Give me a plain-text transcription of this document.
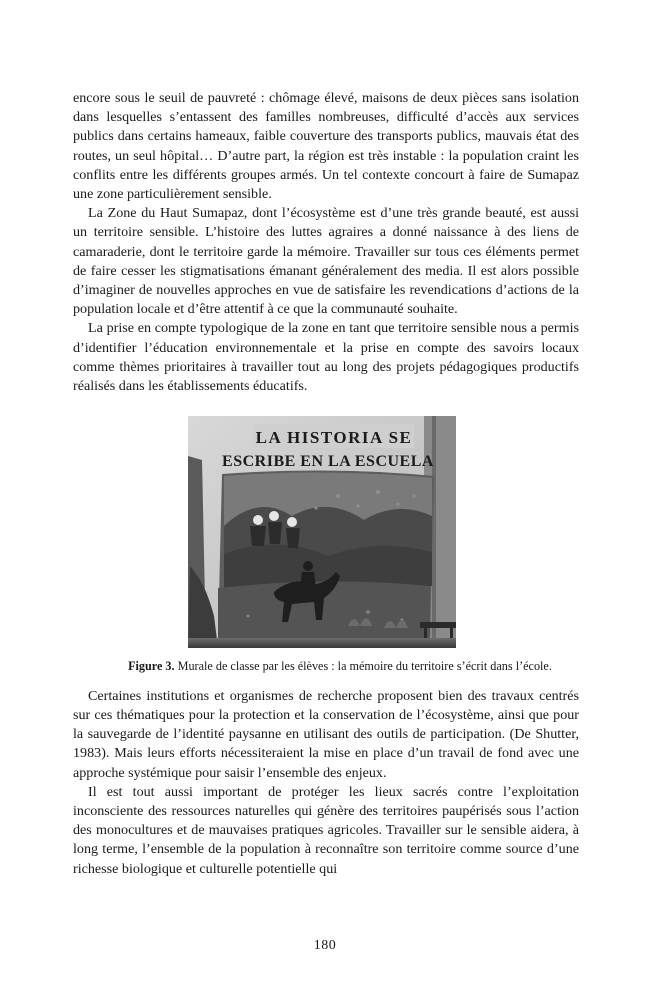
encore sous le seuil de pauvreté : chômage élevé, maisons de deux pièces sans isolation dans lesquelles s’entassent des familles nombreuses, difficulté d’accès aux services publics dans certains hameaux, faible couverture des transports publics, mauvais état des routes, un seul hôpital… D’autre part, la région est très instable : la population craint les conflits entre les différents groupes armés. Un tel contexte concourt à faire de Sumapaz une zone particulièrement sensible.

La Zone du Haut Sumapaz, dont l’écosystème est d’une très grande beauté, est aussi un territoire sensible. L’histoire des luttes agraires a donné naissance à des liens de camaraderie, dont le territoire garde la mémoire. Travailler sur tous ces éléments permet de faire cesser les stigmatisations émanant généralement des media. Il est alors possible d’imaginer de nouvelles approches en vue de satisfaire les revendications d’actions de la population locale et d’être attentif à ce que la communauté souhaite.

La prise en compte typologique de la zone en tant que territoire sensible nous a permis d’identifier l’éducation environnementale et la prise en compte des savoirs locaux comme thèmes prioritaires à travailler tout au long des projets pédagogiques productifs réalisés dans les établissements éducatifs.

LA HISTORIA SE
ESCRIBE EN LA ESCUELA

Figure 3. Murale de classe par les élèves : la mémoire du territoire s’écrit dans l’école.

Certaines institutions et organismes de recherche proposent bien des travaux centrés sur ces thématiques pour la protection et la conservation de l’écosystème, ainsi que pour la sauvegarde de l’identité paysanne en utilisant des outils de participation. (De Shutter, 1983). Mais leurs efforts nécessiteraient la mise en place d’un travail de fond avec une approche systémique pour saisir l’ensemble des enjeux.

Il est tout aussi important de protéger les lieux sacrés contre l’exploitation inconsciente des ressources naturelles qui génère des territoires paupérisés sous l’action des monocultures et de mauvaises pratiques agricoles. Travailler sur le sensible aidera, à long terme, l’ensemble de la population à reconnaître son territoire comme source d’une richesse biologique et culturelle potentielle qui

180
